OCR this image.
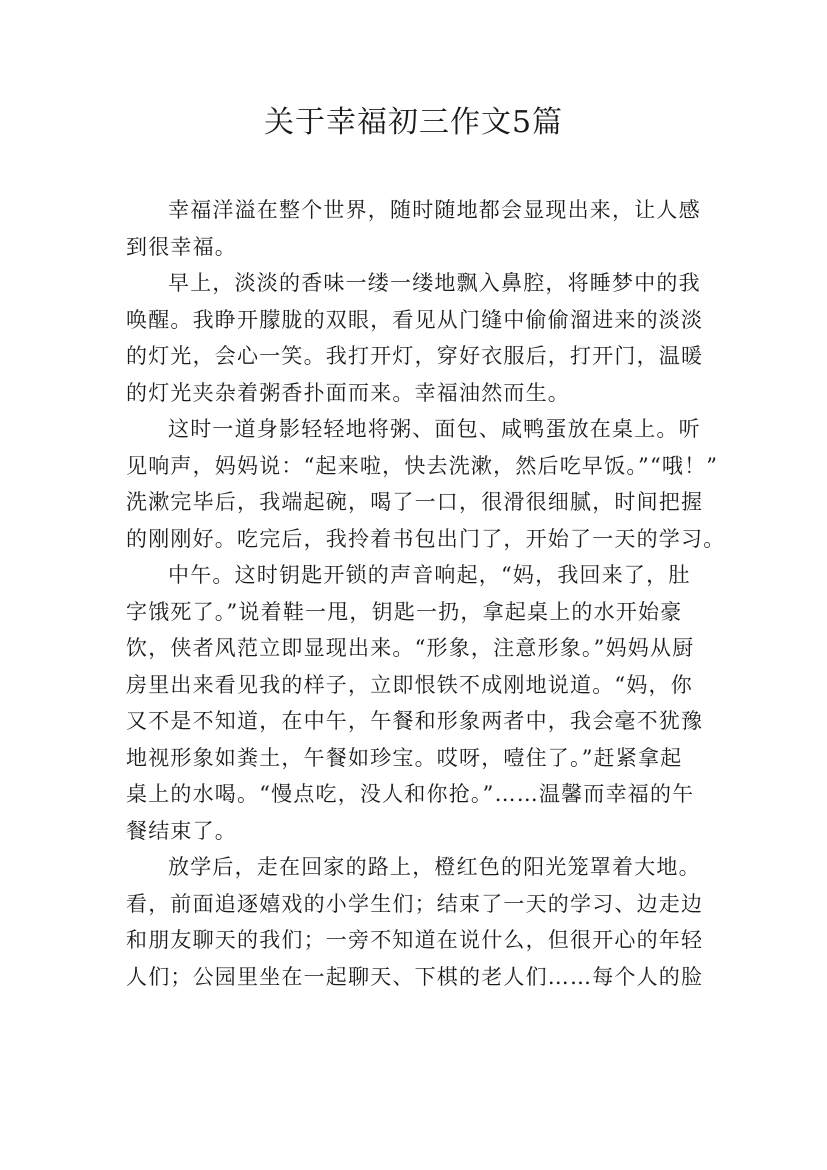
关于幸福初三作文5篇

幸福洋溢在整个世界，随时随地都会显现出来，让人感
到很幸福。

早上，淡淡的香味一缕一缕地飘入鼻腔，将睡梦中的我
唤醒。我睁开朦胧的双眼，看见从门缝中偷偷溜进来的淡淡
的灯光，会心一笑。我打开灯，穿好衣服后，打开门，温暖
的灯光夹杂着粥香扑面而来。幸福油然而生。

这时一道身影轻轻地将粥、面包、咸鸭蛋放在桌上。听
见响声，妈妈说：“起来啦，快去洗漱，然后吃早饭。”“哦！”
洗漱完毕后，我端起碗，喝了一口，很滑很细腻，时间把握
的刚刚好。吃完后，我拎着书包出门了，开始了一天的学习。

中午。这时钥匙开锁的声音响起，“妈，我回来了，肚
字饿死了。”说着鞋一甩，钥匙一扔，拿起桌上的水开始豪
饮，侠者风范立即显现出来。“形象，注意形象。”妈妈从厨
房里出来看见我的样子，立即恨铁不成刚地说道。“妈，你
又不是不知道，在中午，午餐和形象两者中，我会毫不犹豫
地视形象如粪土，午餐如珍宝。哎呀，噎住了。”赶紧拿起
桌上的水喝。“慢点吃，没人和你抢。”……温馨而幸福的午
餐结束了。

放学后，走在回家的路上，橙红色的阳光笼罩着大地。
看，前面追逐嬉戏的小学生们；结束了一天的学习、边走边
和朋友聊天的我们；一旁不知道在说什么，但很开心的年轻
人们；公园里坐在一起聊天、下棋的老人们……每个人的脸
